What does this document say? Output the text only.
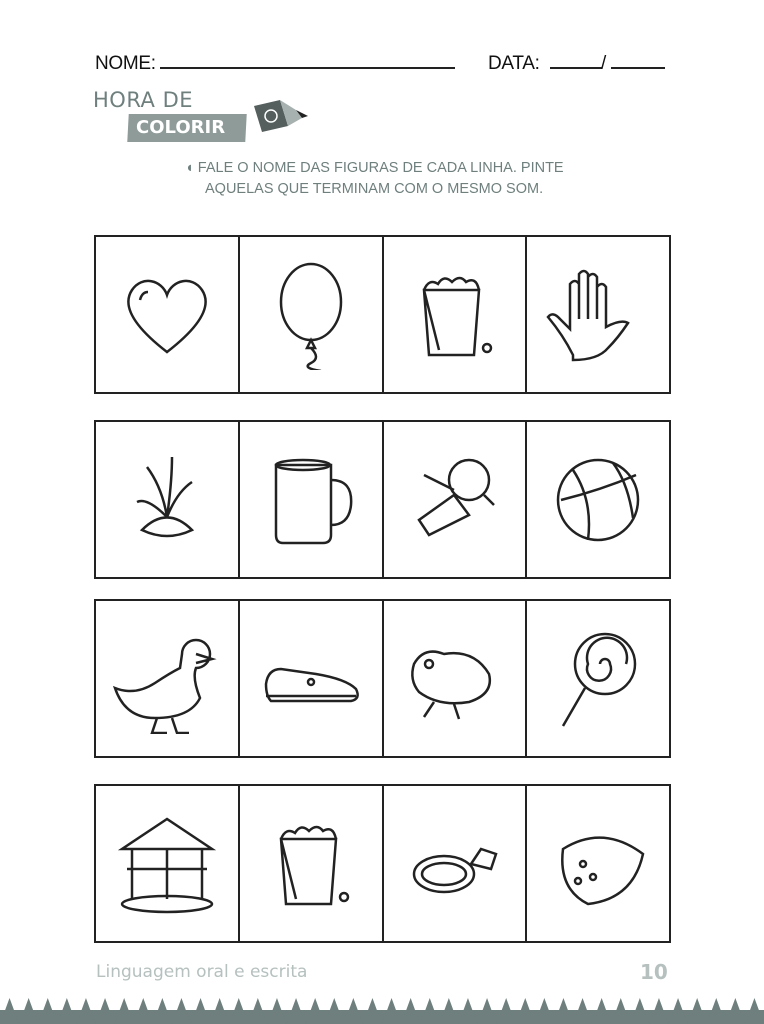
NOME:	DATA:	/
HORA DE
COLORIR
◖ FALE O NOME DAS FIGURAS DE CADA LINHA. PINTE
AQUELAS QUE TERMINAM COM O MESMO SOM.
Linguagem oral e escrita	10
